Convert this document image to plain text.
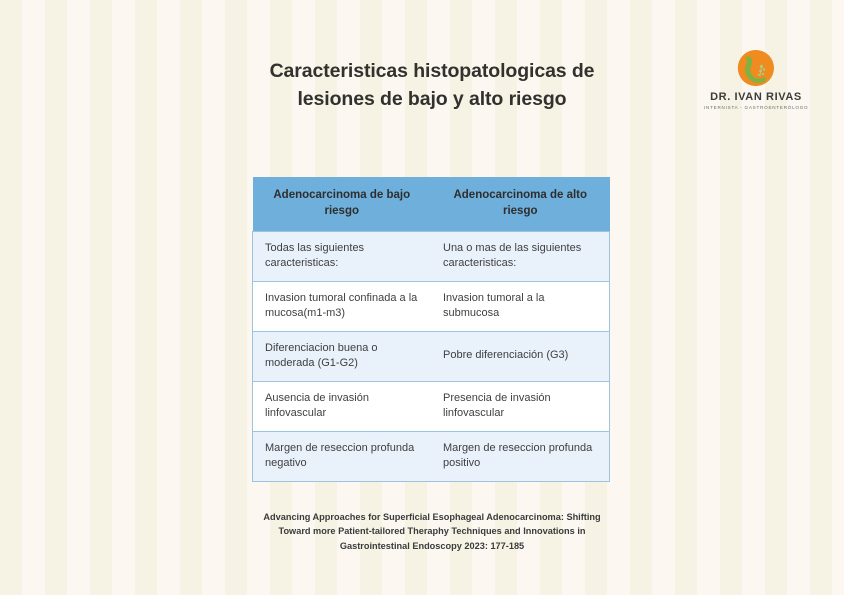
DR. IVAN RIVAS
INTERNISTA - GASTROENTERÓLOGO
Caracteristicas histopatologicas de
lesiones de bajo y alto riesgo
Adenocarcinoma de bajo riesgo	Adenocarcinoma de alto riesgo
Todas las siguientes caracteristicas:	Una o mas de las siguientes caracteristicas:
Invasion tumoral confinada a la mucosa(m1-m3)	Invasion tumoral a la submucosa
Diferenciacion buena o moderada (G1-G2)	Pobre diferenciación (G3)
Ausencia de invasión linfovascular	Presencia de invasión linfovascular
Margen de reseccion profunda negativo	Margen de reseccion profunda positivo
Advancing Approaches for Superficial Esophageal Adenocarcinoma: Shifting
Toward more Patient-tailored Theraphy Techniques and Innovations in
Gastrointestinal Endoscopy 2023: 177-185
